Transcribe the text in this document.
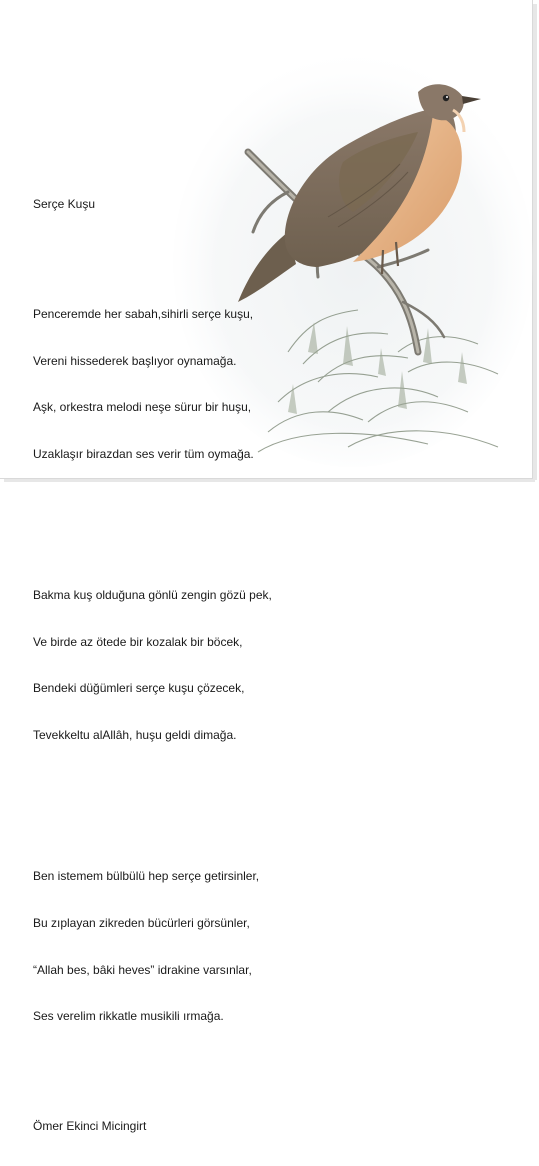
Serçe Kuşu

Penceremde her sabah,sihirli serçe kuşu,

Vereni hissederek başlıyor oynamağa.

Aşk, orkestra melodi neşe sürur bir huşu,

Uzaklaşır birazdan ses verir tüm oymağa.

Bakma kuş olduğuna gönlü zengin gözü pek,

Ve birde az ötede bir kozalak bir böcek,

Bendeki düğümleri serçe kuşu çözecek,

Tevekkeltu alAllâh, huşu geldi dimağa.

Ben istemem bülbülü hep serçe getirsinler,

Bu zıplayan zikreden bücürleri görsünler,

“Allah bes, bâki heves” idrakine varsınlar,

Ses verelim rikkatle musikili ırmağa.

Ömer Ekinci Micingirt
